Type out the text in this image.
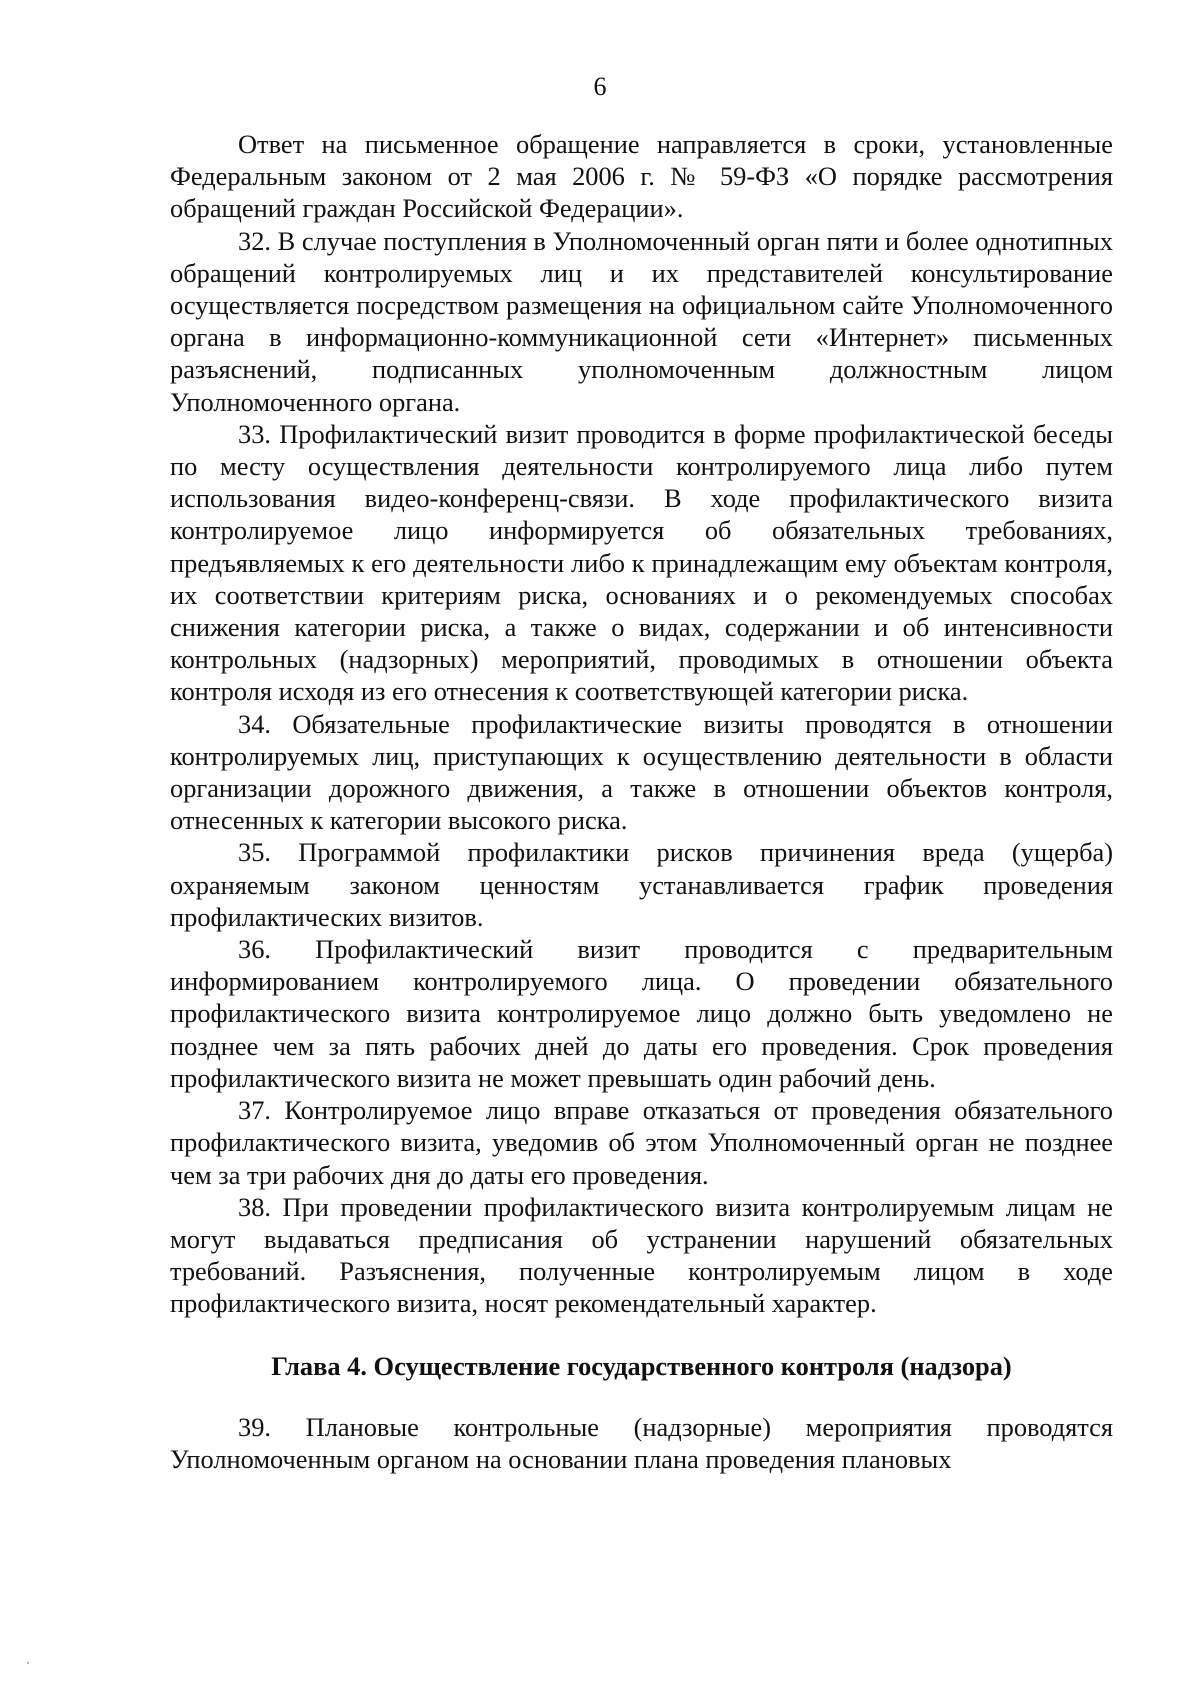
6

Ответ на письменное обращение направляется в сроки, установленные Федеральным законом от 2 мая 2006 г. № 59-ФЗ «О порядке рассмотрения обращений граждан Российской Федерации».

32. В случае поступления в Уполномоченный орган пяти и более однотипных обращений контролируемых лиц и их представителей консультирование осуществляется посредством размещения на официальном сайте Уполномоченного органа в информационно-коммуникационной сети «Интернет» письменных разъяснений, подписанных уполномоченным должностным лицом Уполномоченного органа.

33. Профилактический визит проводится в форме профилактической беседы по месту осуществления деятельности контролируемого лица либо путем использования видео-конференц-связи. В ходе профилактического визита контролируемое лицо информируется об обязательных требованиях, предъявляемых к его деятельности либо к принадлежащим ему объектам контроля, их соответствии критериям риска, основаниях и о рекомендуемых способах снижения категории риска, а также о видах, содержании и об интенсивности контрольных (надзорных) мероприятий, проводимых в отношении объекта контроля исходя из его отнесения к соответствующей категории риска.

34. Обязательные профилактические визиты проводятся в отношении контролируемых лиц, приступающих к осуществлению деятельности в области организации дорожного движения, а также в отношении объектов контроля, отнесенных к категории высокого риска.

35. Программой профилактики рисков причинения вреда (ущерба) охраняемым законом ценностям устанавливается график проведения профилактических визитов.

36. Профилактический визит проводится с предварительным информированием контролируемого лица. О проведении обязательного профилактического визита контролируемое лицо должно быть уведомлено не позднее чем за пять рабочих дней до даты его проведения. Срок проведения профилактического визита не может превышать один рабочий день.

37. Контролируемое лицо вправе отказаться от проведения обязательного профилактического визита, уведомив об этом Уполномоченный орган не позднее чем за три рабочих дня до даты его проведения.

38. При проведении профилактического визита контролируемым лицам не могут выдаваться предписания об устранении нарушений обязательных требований. Разъяснения, полученные контролируемым лицом в ходе профилактического визита, носят рекомендательный характер.

Глава 4. Осуществление государственного контроля (надзора)

39. Плановые контрольные (надзорные) мероприятия проводятся Уполномоченным органом на основании плана проведения плановых
